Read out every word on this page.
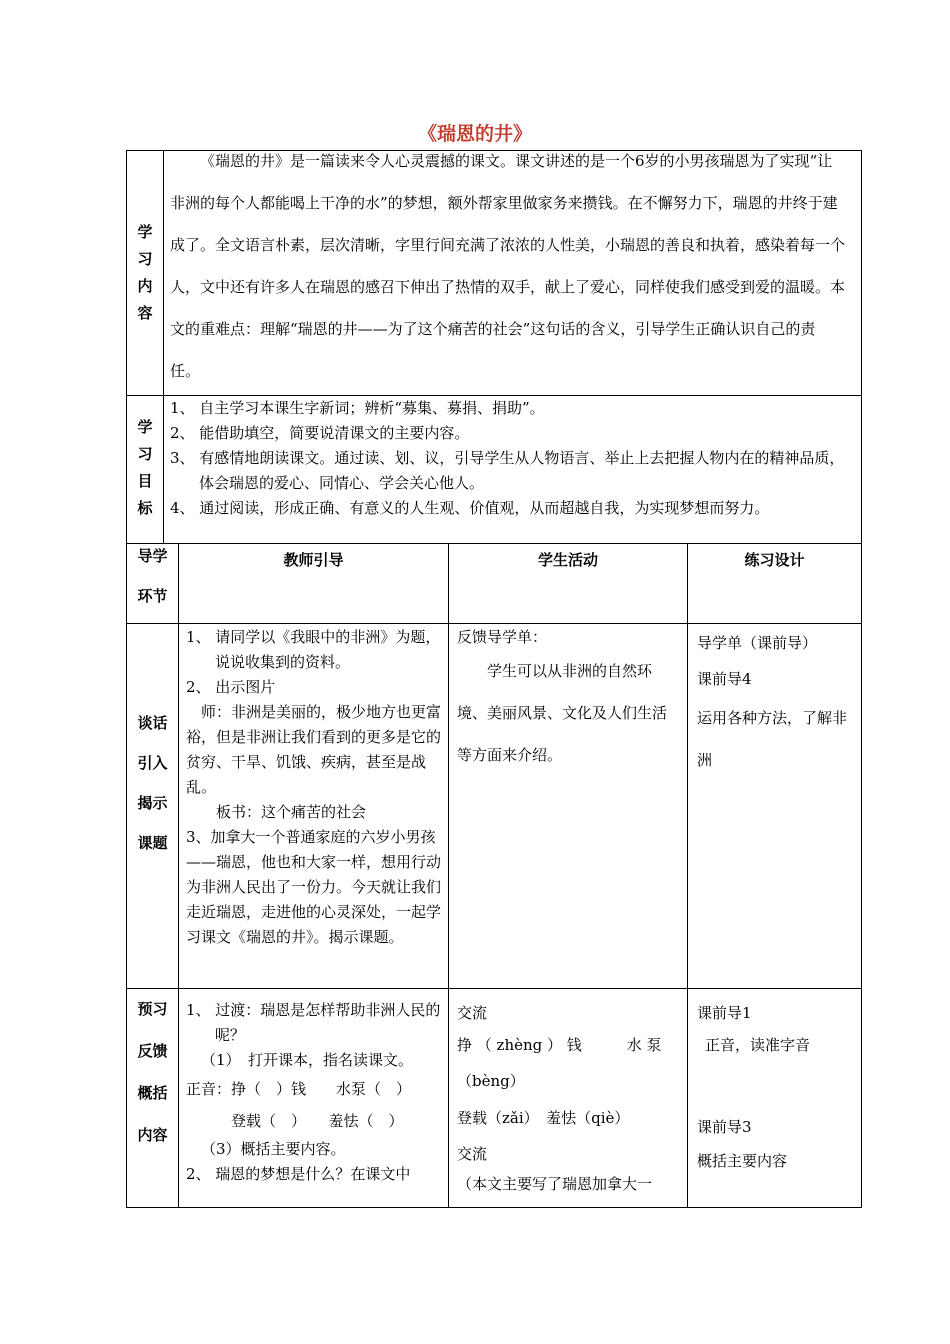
《瑞恩的井》
学
习
内
容

《瑞恩的井》是一篇读来令人心灵震撼的课文。课文讲述的是一个6岁的小男孩瑞恩为了实现“让非洲的每个人都能喝上干净的水”的梦想，额外帮家里做家务来攒钱。在不懈努力下，瑞恩的井终于建成了。全文语言朴素，层次清晰，字里行间充满了浓浓的人性美，小瑞恩的善良和执着，感染着每一个人，文中还有许多人在瑞恩的感召下伸出了热情的双手，献上了爱心，同样使我们感受到爱的温暖。本文的重难点：理解“瑞恩的井——为了这个痛苦的社会”这句话的含义，引导学生正确认识自己的责任。

学
习
目
标
1、 自主学习本课生字新词；辨析“募集、募捐、捐助”。
2、 能借助填空，简要说清课文的主要内容。
3、 有感情地朗读课文。通过读、划、议，引导学生从人物语言、举止上去把握人物内在的精神品质，体会瑞恩的爱心、同情心、学会关心他人。
4、 通过阅读，形成正确、有意义的人生观、价值观，从而超越自我，为实现梦想而努力。
导学
环节
教师引导	学生活动	练习设计
谈话
引入
揭示
课题

1、 请同学以《我眼中的非洲》为题，说说收集到的资料。

2、 出示图片

师：非洲是美丽的，极少地方也更富裕，但是非洲让我们看到的更多是它的贫穷、干旱、饥饿、疾病，甚至是战乱。

板书：这个痛苦的社会

3、加拿大一个普通家庭的六岁小男孩——瑞恩，他也和大家一样，想用行动为非洲人民出了一份力。今天就让我们走近瑞恩，走进他的心灵深处，一起学习课文《瑞恩的井》。揭示课题。

反馈导学单：

学生可以从非洲的自然环境、美丽风景、文化及人们生活等方面来介绍。

导学单（课前导）

课前导4

运用各种方法，了解非洲

预习
反馈
概括
内容

1、 过渡：瑞恩是怎样帮助非洲人民的呢？

（1）　打开课本，指名读课文。

正音：挣（　）钱　　水泵（　）

　　　登载（　）　　羞怯（　）

（3）概括主要内容。

2、 瑞恩的梦想是什么？在课文中

交流

挣 （ zhèng ） 钱　　　水 泵

（bèng）

登载（zǎi）　羞怯（qiè）

交流

（本文主要写了瑞恩加拿大一

课前导1

正音，读准字音

课前导3

概括主要内容
